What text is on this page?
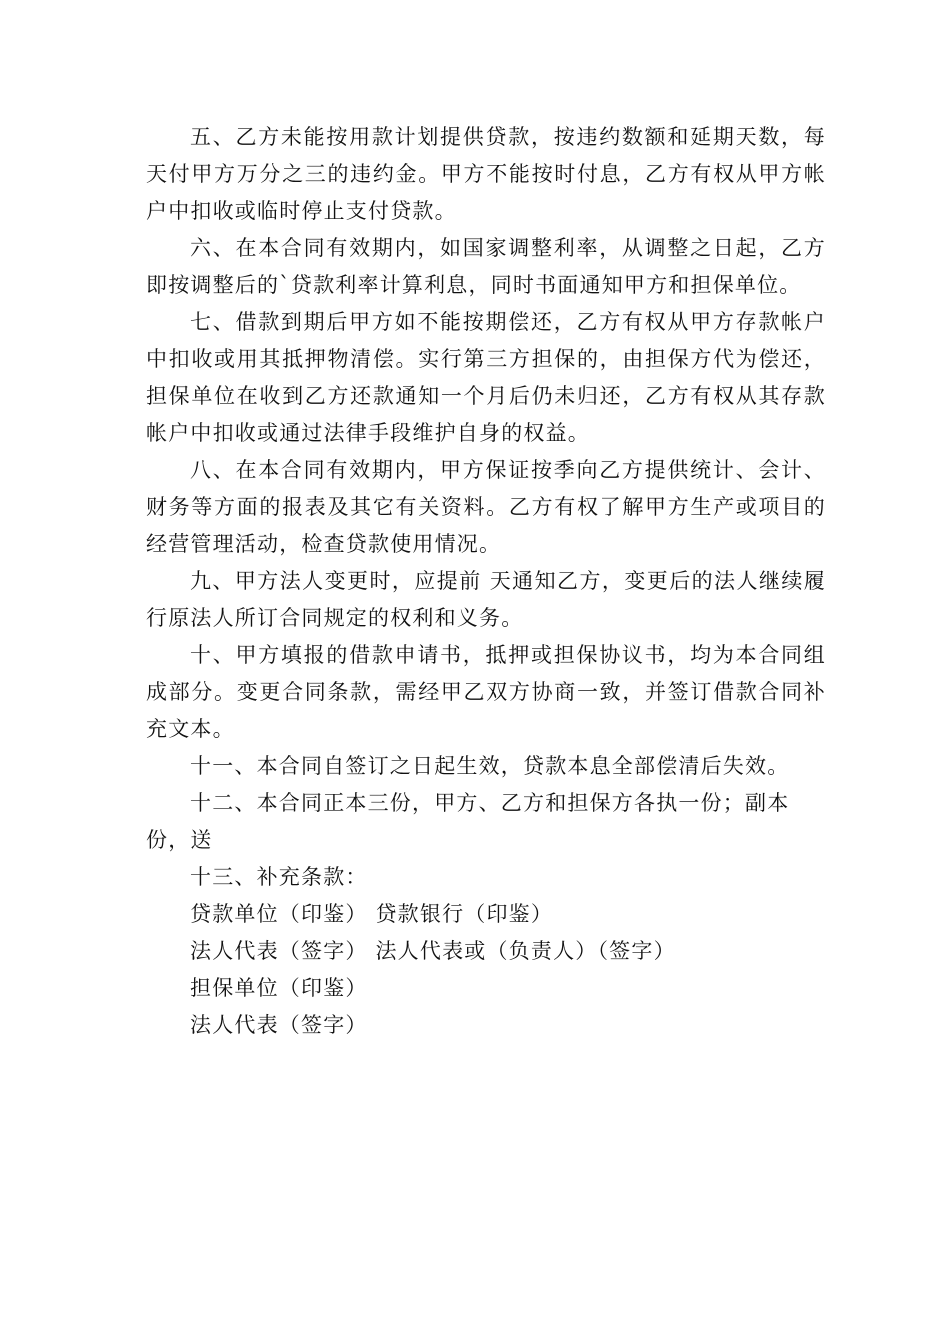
五、乙方未能按用款计划提供贷款，按违约数额和延期天数，每天付甲方万分之三的违约金。甲方不能按时付息，乙方有权从甲方帐户中扣收或临时停止支付贷款。

六、在本合同有效期内，如国家调整利率，从调整之日起，乙方即按调整后的`贷款利率计算利息，同时书面通知甲方和担保单位。

七、借款到期后甲方如不能按期偿还，乙方有权从甲方存款帐户中扣收或用其抵押物清偿。实行第三方担保的，由担保方代为偿还，担保单位在收到乙方还款通知一个月后仍未归还，乙方有权从其存款帐户中扣收或通过法律手段维护自身的权益。

八、在本合同有效期内，甲方保证按季向乙方提供统计、会计、财务等方面的报表及其它有关资料。乙方有权了解甲方生产或项目的经营管理活动，检查贷款使用情况。

九、甲方法人变更时，应提前 天通知乙方，变更后的法人继续履行原法人所订合同规定的权利和义务。

十、甲方填报的借款申请书，抵押或担保协议书，均为本合同组成部分。变更合同条款，需经甲乙双方协商一致，并签订借款合同补充文本。

十一、本合同自签订之日起生效，贷款本息全部偿清后失效。

十二、本合同正本三份，甲方、乙方和担保方各执一份；副本份，送

十三、补充条款：

贷款单位（印鉴） 贷款银行（印鉴）

法人代表（签字） 法人代表或（负责人）（签字）

担保单位（印鉴）

法人代表（签字）
